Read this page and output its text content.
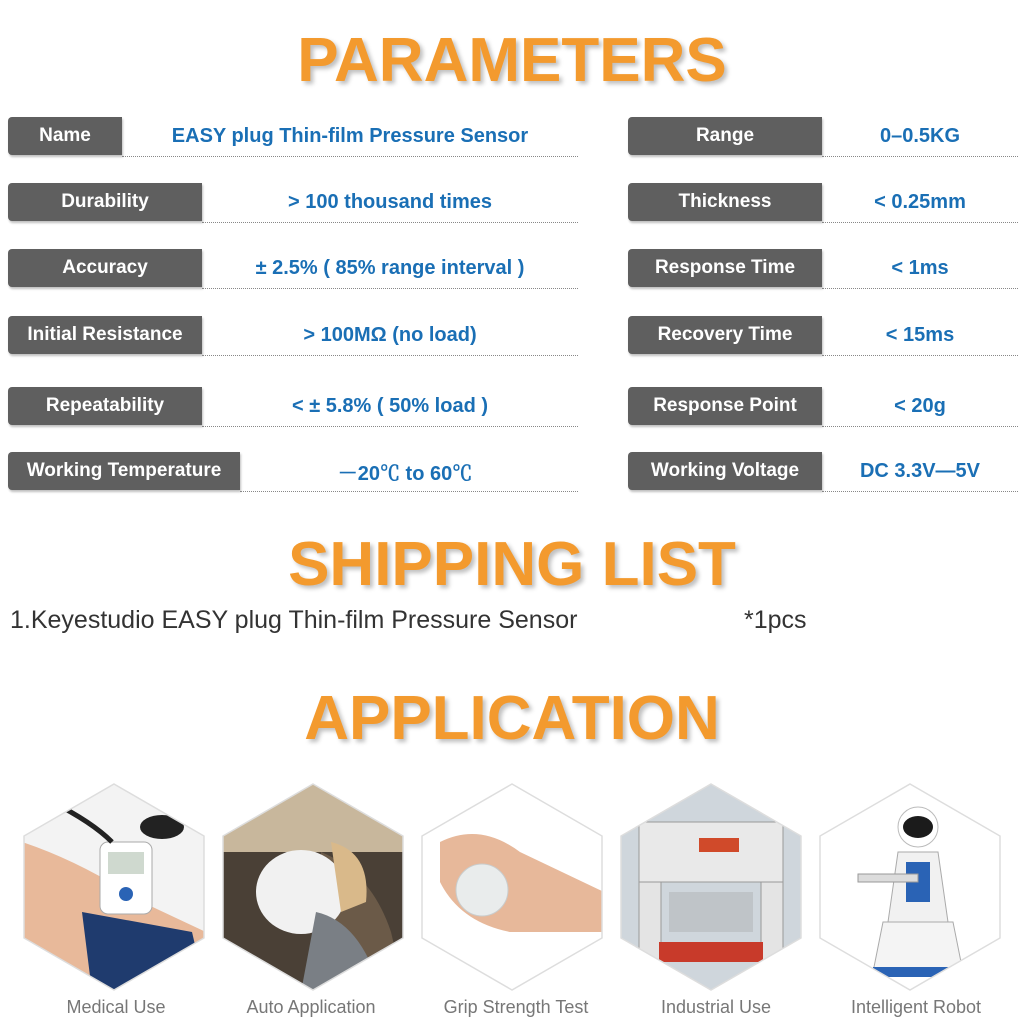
PARAMETERS
Name	EASY plug Thin-film Pressure Sensor
Durability	> 100 thousand times
Accuracy	± 2.5% ( 85% range interval )
Initial Resistance	> 100MΩ (no load)
Repeatability	< ± 5.8% ( 50% load )
Working Temperature	－20℃ to 60℃
Range	0–0.5KG
Thickness	< 0.25mm
Response Time	< 1ms
Recovery Time	< 15ms
Response Point	< 20g
Working Voltage	DC 3.3V—5V
SHIPPING LIST
1.Keyestudio EASY plug Thin-film Pressure Sensor	*1pcs
APPLICATION
Medical Use	Auto Application	Grip Strength Test	Industrial Use	Intelligent Robot
